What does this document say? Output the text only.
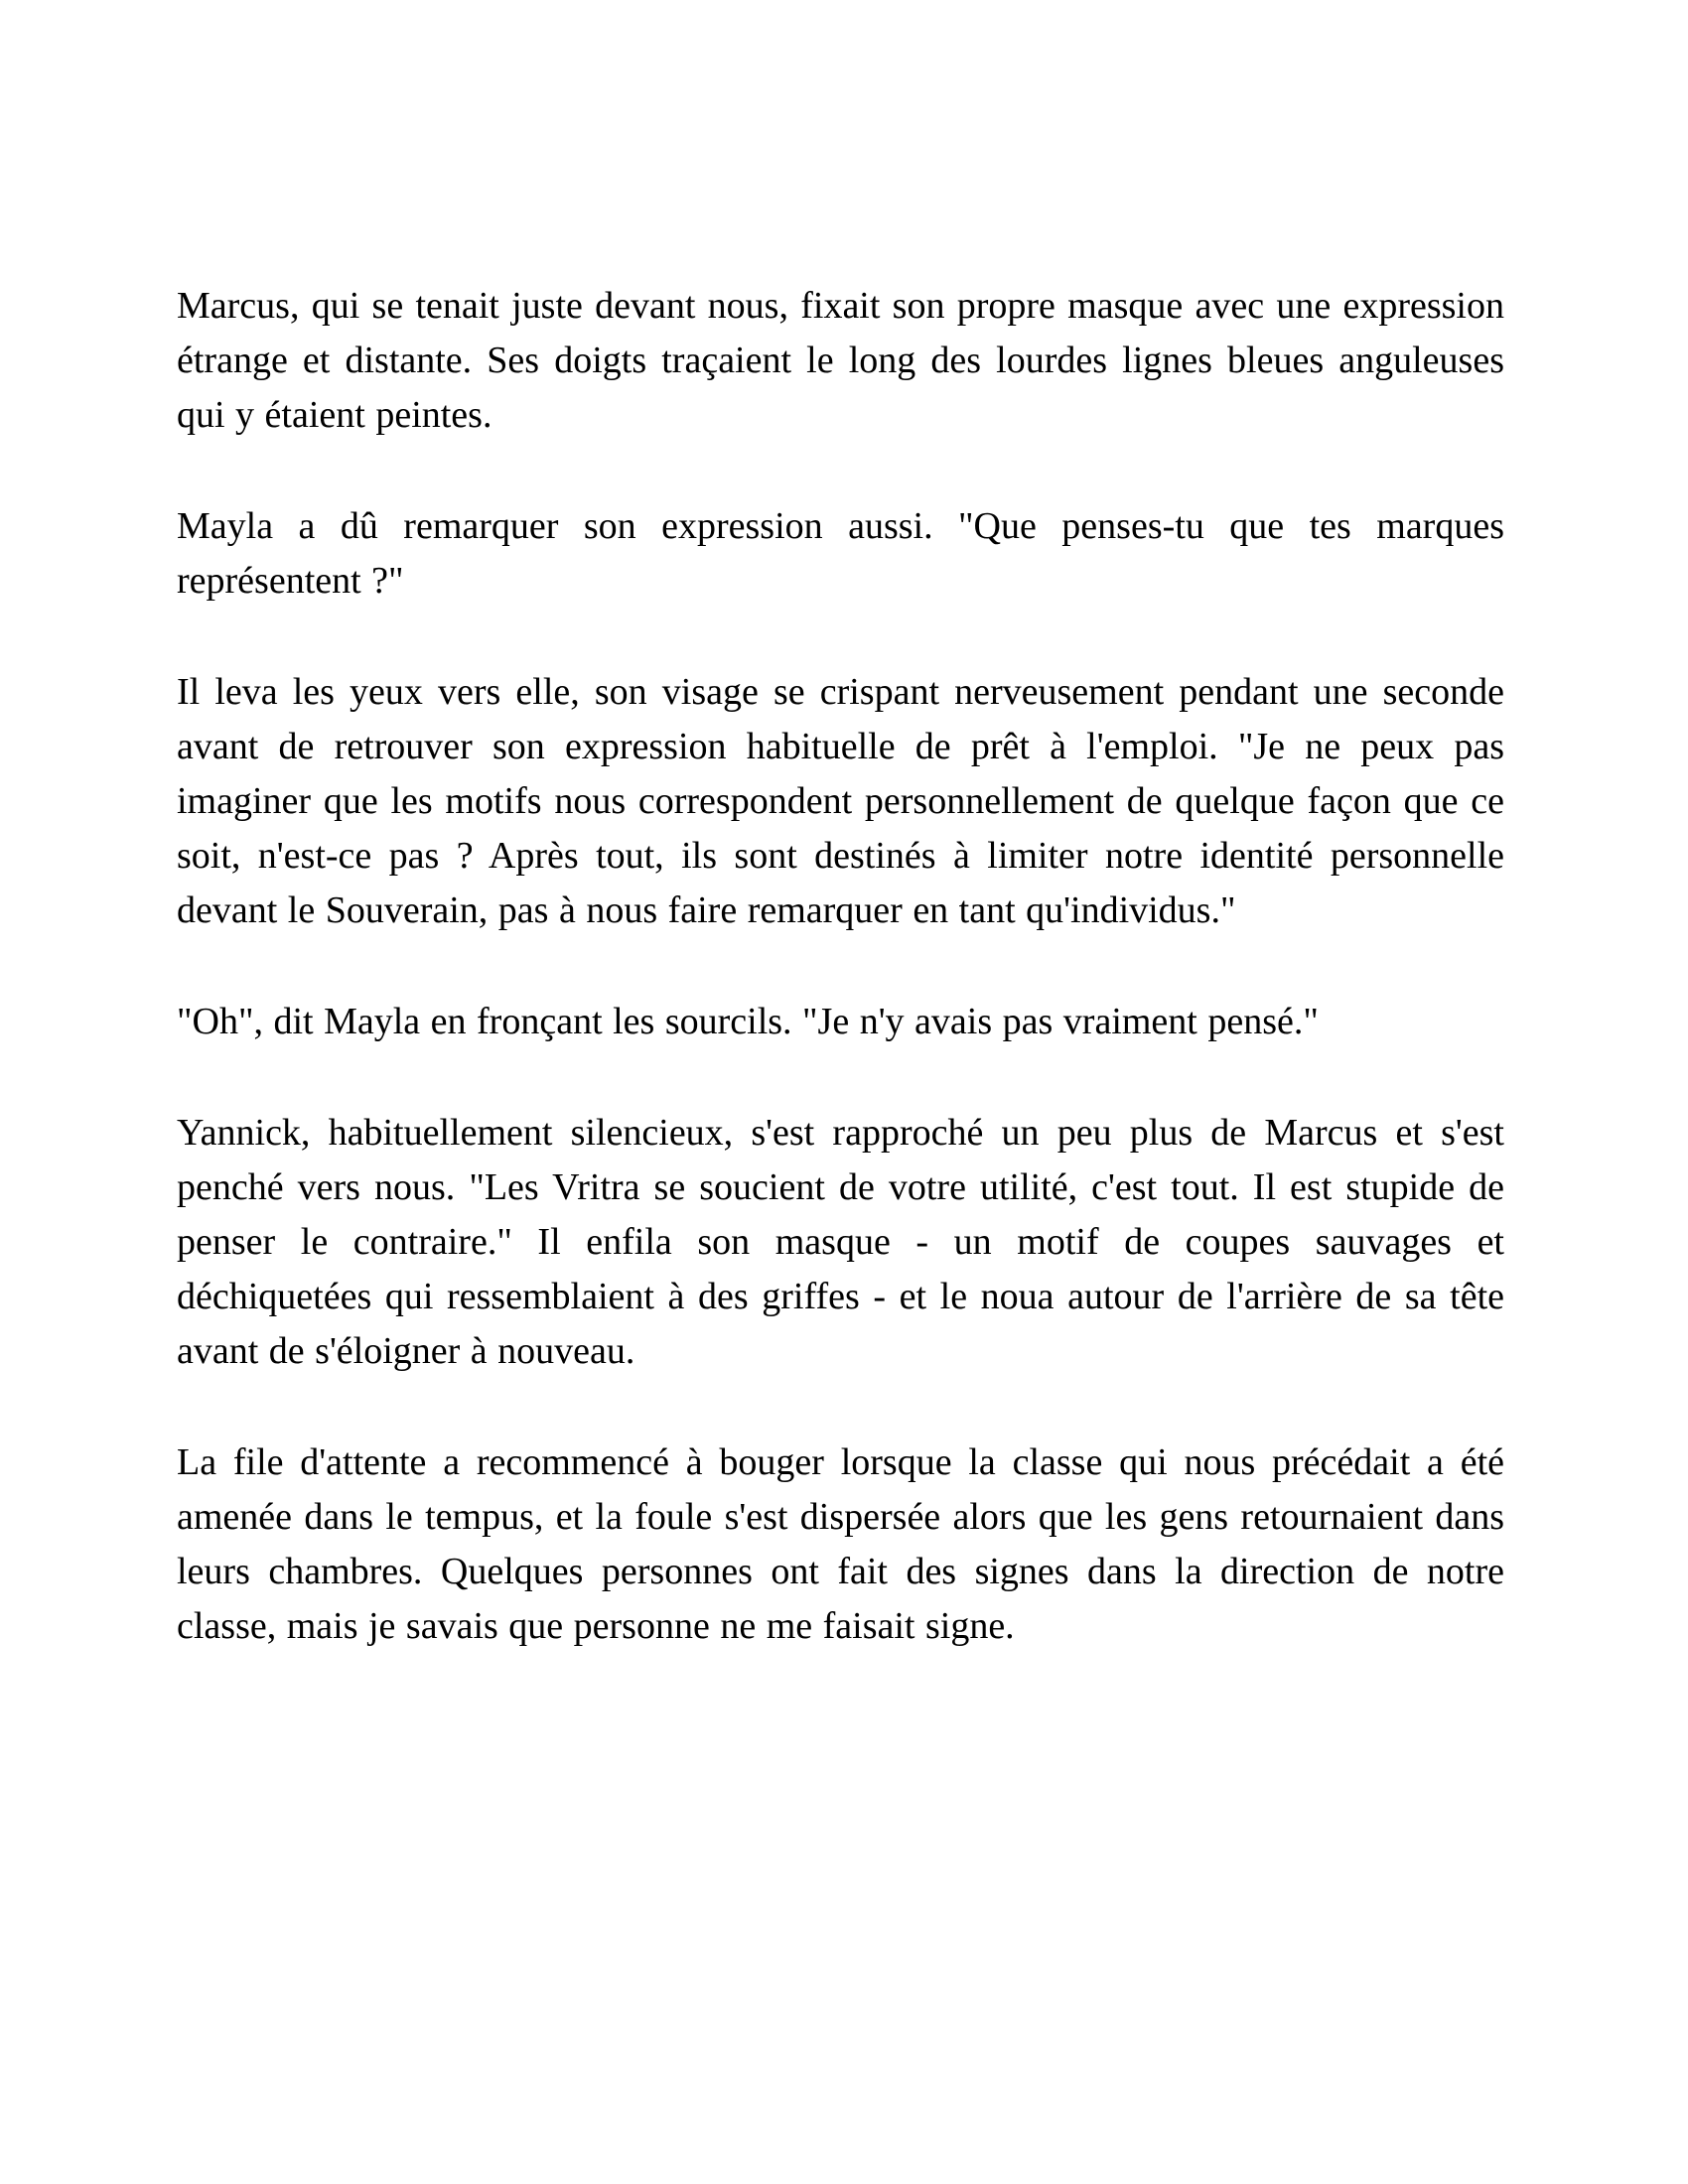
Marcus, qui se tenait juste devant nous, fixait son propre masque avec une expression étrange et distante. Ses doigts traçaient le long des lourdes lignes bleues anguleuses qui y étaient peintes.

Mayla a dû remarquer son expression aussi. "Que penses-tu que tes marques représentent ?"

Il leva les yeux vers elle, son visage se crispant nerveusement pendant une seconde avant de retrouver son expression habituelle de prêt à l'emploi. "Je ne peux pas imaginer que les motifs nous correspondent personnellement de quelque façon que ce soit, n'est-ce pas ? Après tout, ils sont destinés à limiter notre identité personnelle devant le Souverain, pas à nous faire remarquer en tant qu'individus."

"Oh", dit Mayla en fronçant les sourcils. "Je n'y avais pas vraiment pensé."

Yannick, habituellement silencieux, s'est rapproché un peu plus de Marcus et s'est penché vers nous. "Les Vritra se soucient de votre utilité, c'est tout. Il est stupide de penser le contraire." Il enfila son masque - un motif de coupes sauvages et déchiquetées qui ressemblaient à des griffes - et le noua autour de l'arrière de sa tête avant de s'éloigner à nouveau.

La file d'attente a recommencé à bouger lorsque la classe qui nous précédait a été amenée dans le tempus, et la foule s'est dispersée alors que les gens retournaient dans leurs chambres. Quelques personnes ont fait des signes dans la direction de notre classe, mais je savais que personne ne me faisait signe.
